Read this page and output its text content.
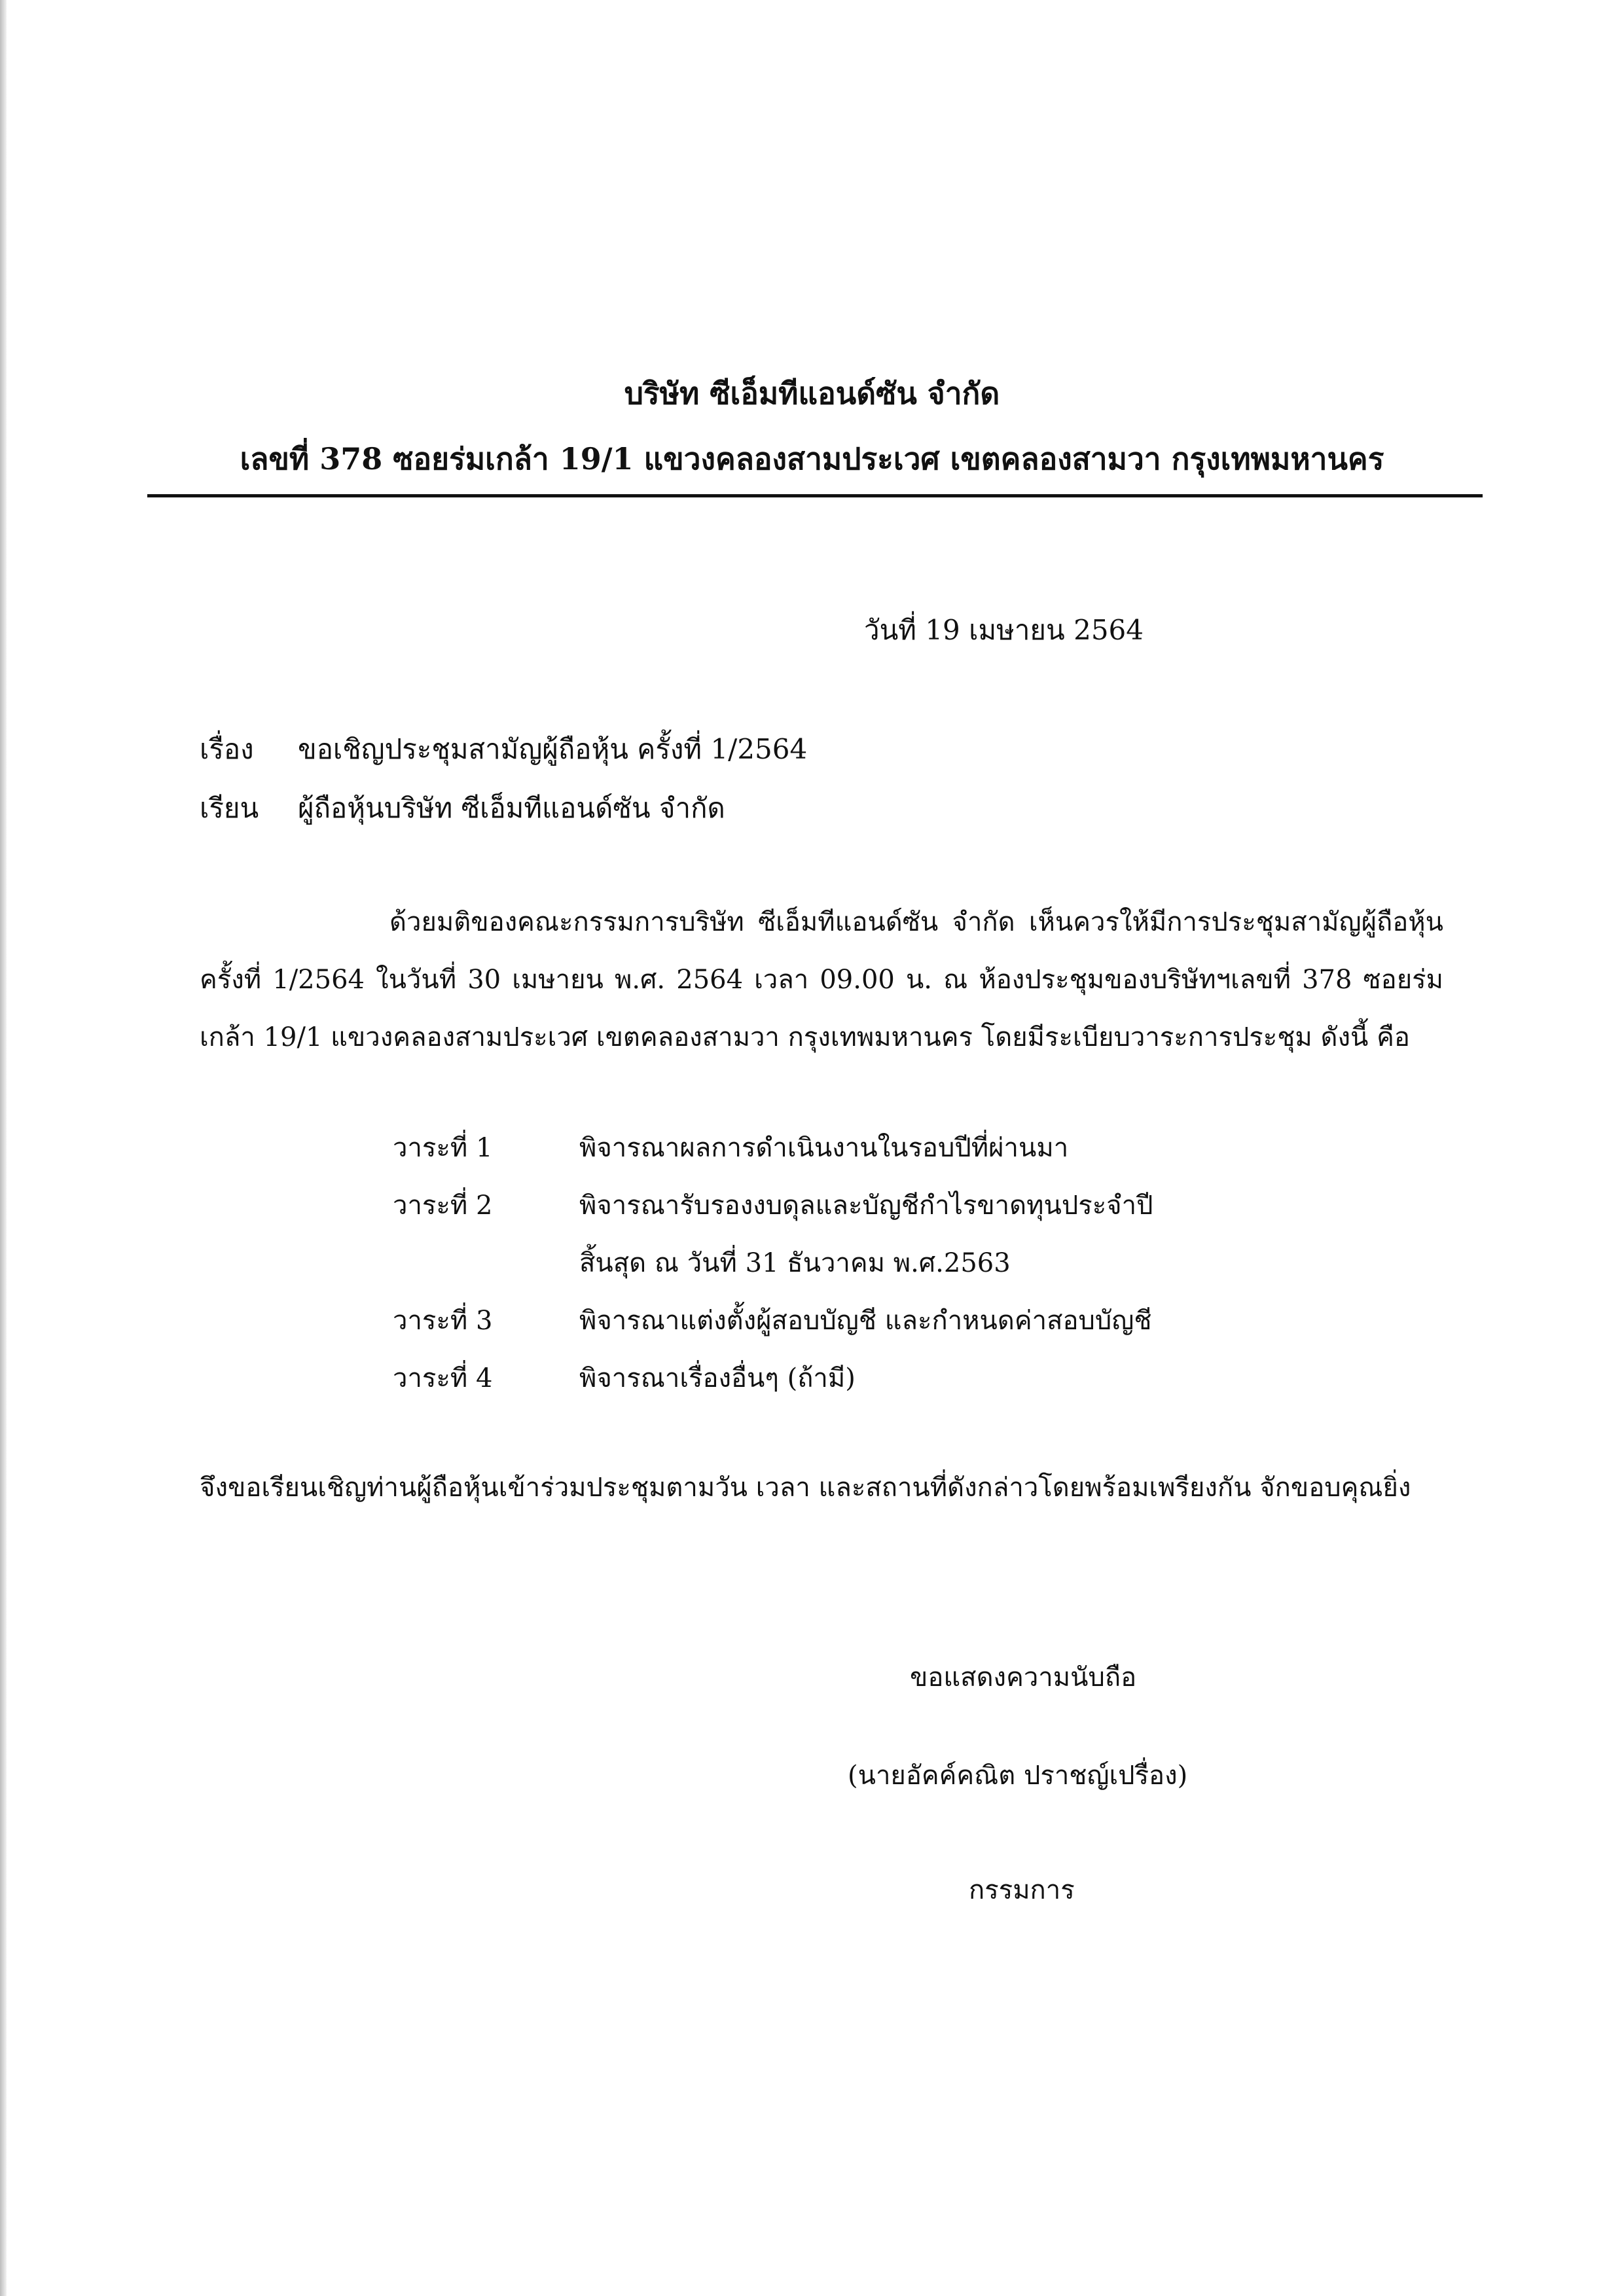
บริษัท ซีเอ็มทีแอนด์ซัน จำกัด
เลขที่ 378 ซอยร่มเกล้า 19/1 แขวงคลองสามประเวศ เขตคลองสามวา กรุงเทพมหานคร
วันที่ 19 เมษายน 2564
เรื่อง ขอเชิญประชุมสามัญผู้ถือหุ้น ครั้งที่ 1/2564
เรียน ผู้ถือหุ้นบริษัท ซีเอ็มทีแอนด์ซัน จำกัด
ด้วยมติของคณะกรรมการบริษัท ซีเอ็มทีแอนด์ซัน จำกัด เห็นควรให้มีการประชุมสามัญผู้ถือหุ้น ครั้งที่ 1/2564 ในวันที่ 30 เมษายน พ.ศ. 2564 เวลา 09.00 น. ณ ห้องประชุมของบริษัทฯเลขที่ 378 ซอยร่มเกล้า 19/1 แขวงคลองสามประเวศ เขตคลองสามวา กรุงเทพมหานคร โดยมีระเบียบวาระการประชุม ดังนี้ คือ
วาระที่ 1	พิจารณาผลการดำเนินงานในรอบปีที่ผ่านมา
วาระที่ 2	พิจารณารับรองงบดุลและบัญชีกำไรขาดทุนประจำปี
สิ้นสุด ณ วันที่ 31 ธันวาคม พ.ศ.2563
วาระที่ 3	พิจารณาแต่งตั้งผู้สอบบัญชี และกำหนดค่าสอบบัญชี
วาระที่ 4	พิจารณาเรื่องอื่นๆ (ถ้ามี)
จึงขอเรียนเชิญท่านผู้ถือหุ้นเข้าร่วมประชุมตามวัน เวลา และสถานที่ดังกล่าวโดยพร้อมเพรียงกัน จักขอบคุณยิ่ง
ขอแสดงความนับถือ
(นายอัคค์คณิต ปราชญ์เปรื่อง)
กรรมการ
